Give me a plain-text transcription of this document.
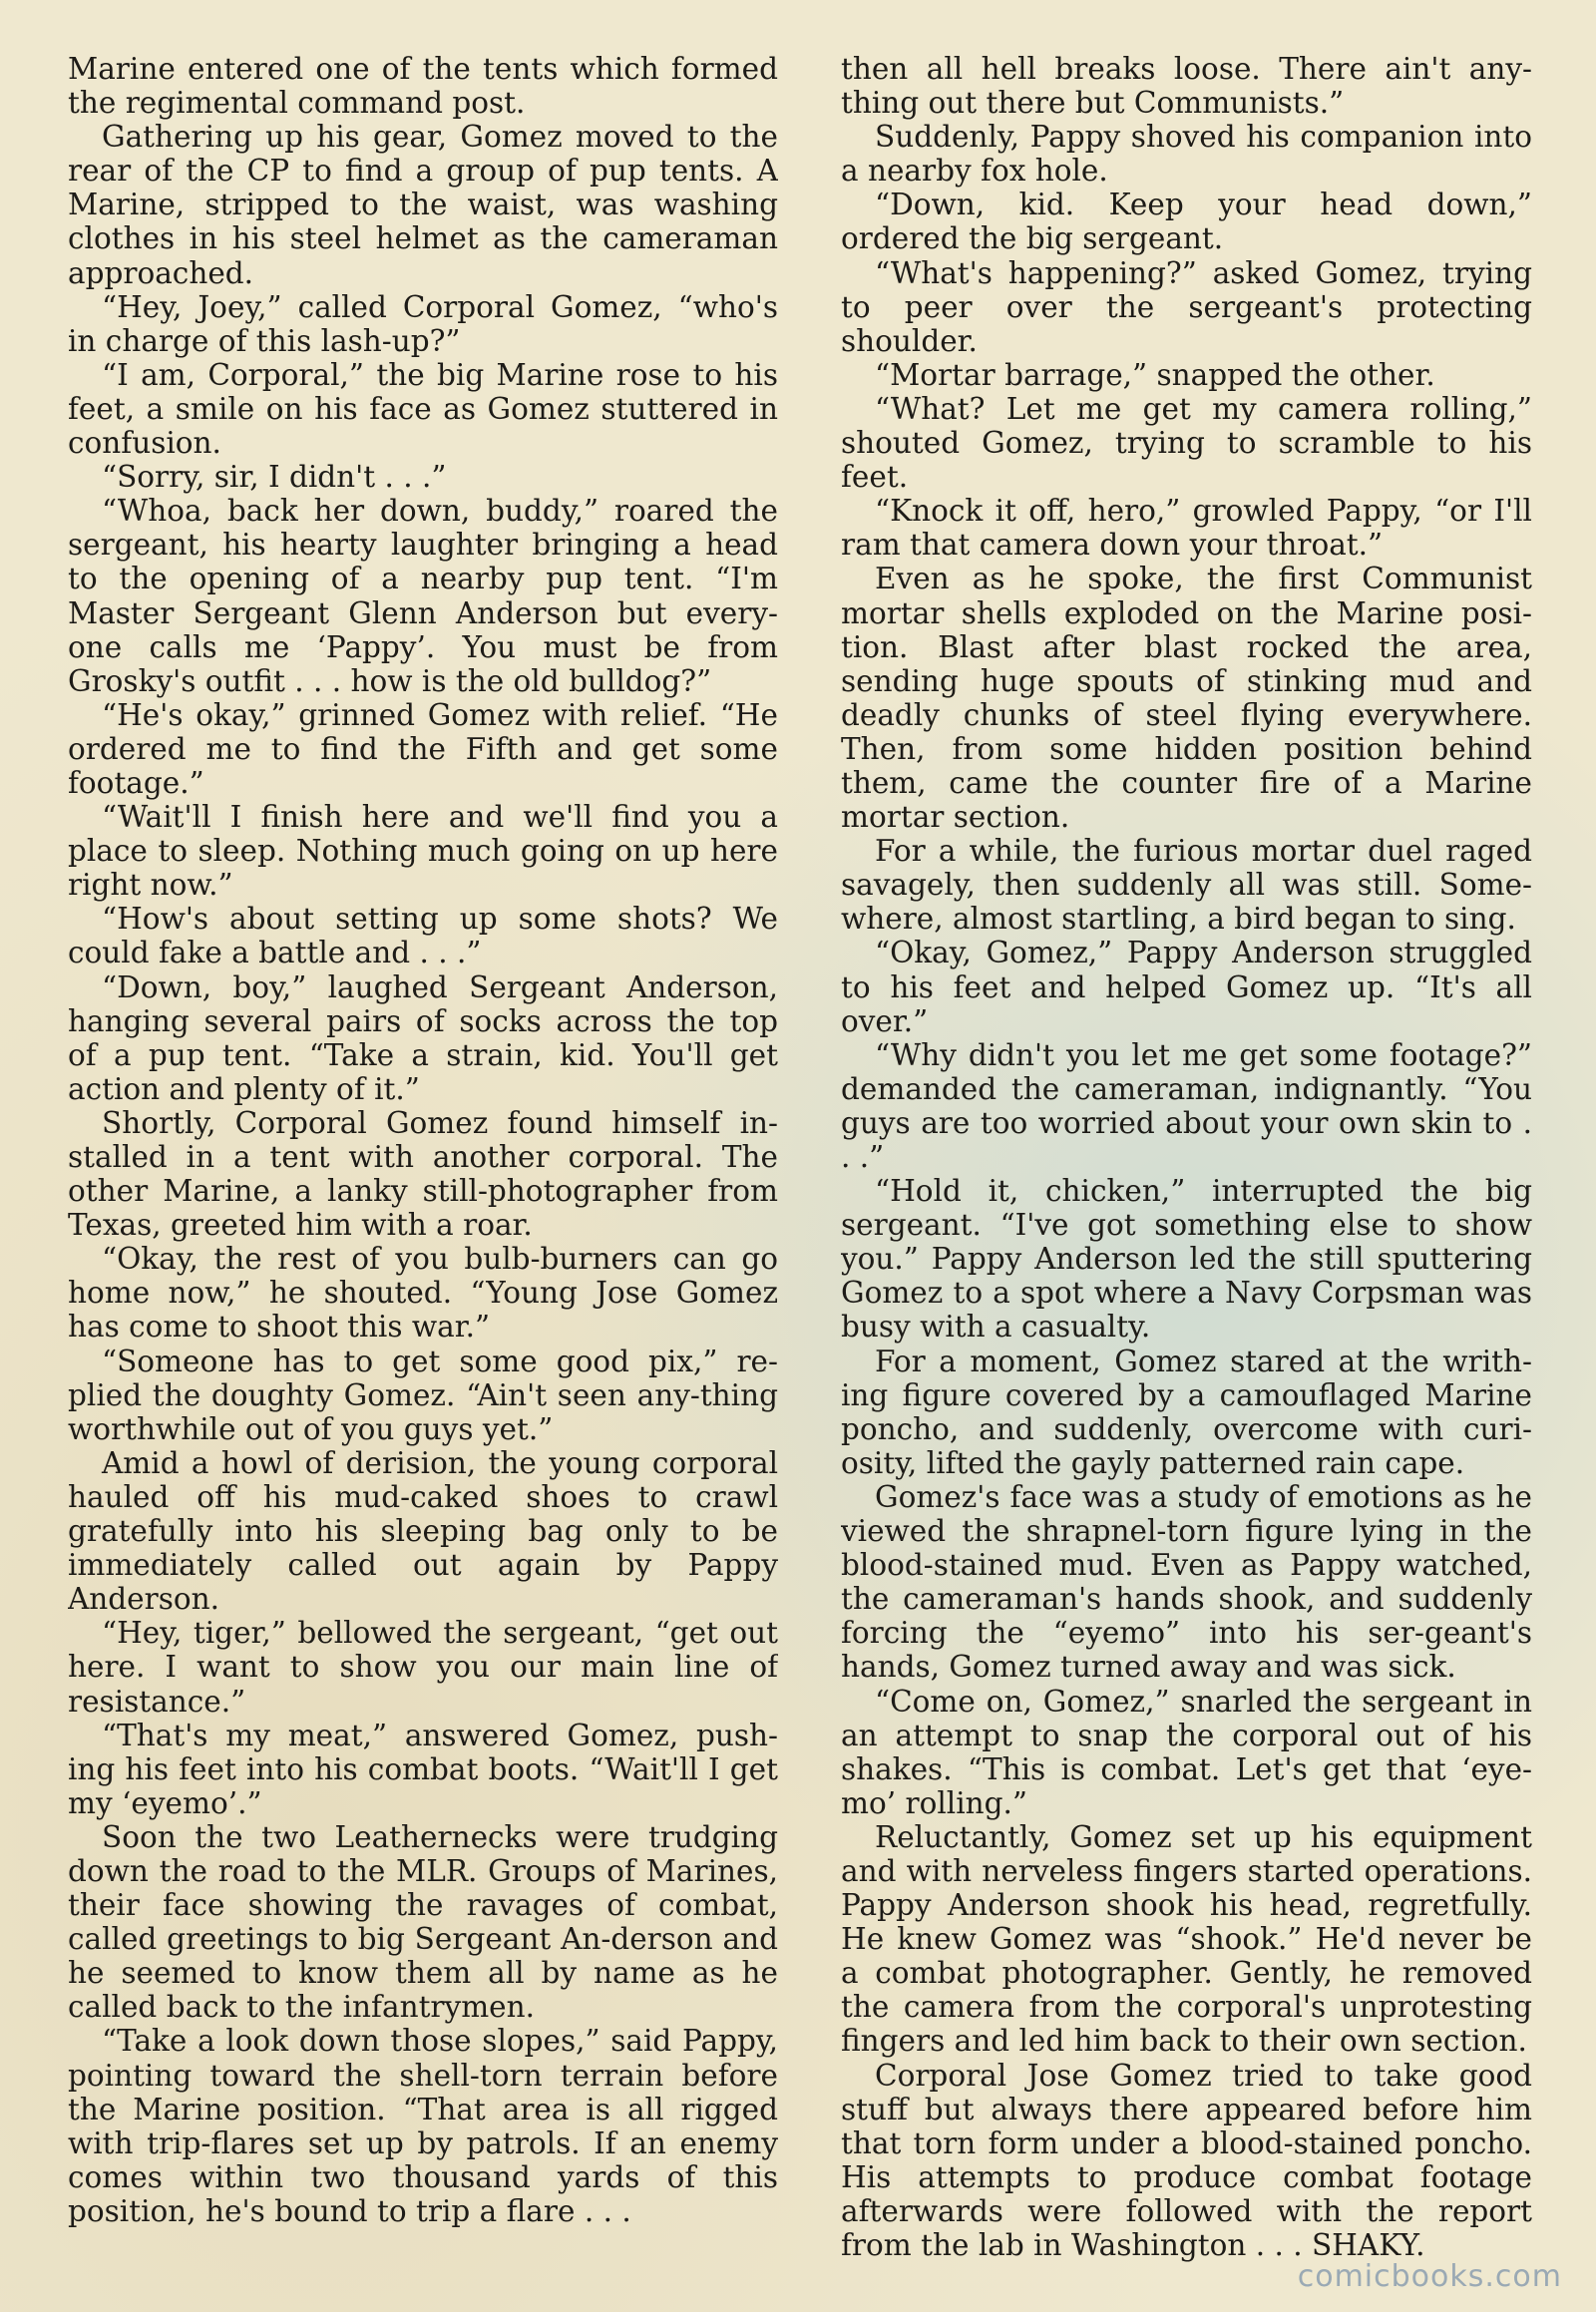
Marine entered one of the tents which formed the regimental command post.

Gathering up his gear, Gomez moved to the rear of the CP to find a group of pup tents. A Marine, stripped to the waist, was washing clothes in his steel helmet as the cameraman approached.

“Hey, Joey,” called Corporal Gomez, “who's in charge of this lash-up?”

“I am, Corporal,” the big Marine rose to his feet, a smile on his face as Gomez stuttered in confusion.

“Sorry, sir, I didn't . . .”

“Whoa, back her down, buddy,” roared the sergeant, his hearty laughter bringing a head to the opening of a nearby pup tent. “I'm Master Sergeant Glenn Anderson but every-one calls me ‘Pappy’. You must be from Grosky's outfit . . . how is the old bulldog?”

“He's okay,” grinned Gomez with relief. “He ordered me to find the Fifth and get some footage.”

“Wait'll I finish here and we'll find you a place to sleep. Nothing much going on up here right now.”

“How's about setting up some shots? We could fake a battle and . . .”

“Down, boy,” laughed Sergeant Anderson, hanging several pairs of socks across the top of a pup tent. “Take a strain, kid. You'll get action and plenty of it.”

Shortly, Corporal Gomez found himself in-stalled in a tent with another corporal. The other Marine, a lanky still-photographer from Texas, greeted him with a roar.

“Okay, the rest of you bulb-burners can go home now,” he shouted. “Young Jose Gomez has come to shoot this war.”

“Someone has to get some good pix,” re-plied the doughty Gomez. “Ain't seen any-thing worthwhile out of you guys yet.”

Amid a howl of derision, the young corporal hauled off his mud-caked shoes to crawl gratefully into his sleeping bag only to be immediately called out again by Pappy Anderson.

“Hey, tiger,” bellowed the sergeant, “get out here. I want to show you our main line of resistance.”

“That's my meat,” answered Gomez, push-ing his feet into his combat boots. “Wait'll I get my ‘eyemo’.”

Soon the two Leathernecks were trudging down the road to the MLR. Groups of Marines, their face showing the ravages of combat, called greetings to big Sergeant An-derson and he seemed to know them all by name as he called back to the infantrymen.

“Take a look down those slopes,” said Pappy, pointing toward the shell-torn terrain before the Marine position. “That area is all rigged with trip-flares set up by patrols. If an enemy comes within two thousand yards of this position, he's bound to trip a flare . . .

then all hell breaks loose. There ain't any-thing out there but Communists.”

Suddenly, Pappy shoved his companion into a nearby fox hole.

“Down, kid. Keep your head down,” ordered the big sergeant.

“What's happening?” asked Gomez, trying to peer over the sergeant's protecting shoulder.

“Mortar barrage,” snapped the other.

“What? Let me get my camera rolling,” shouted Gomez, trying to scramble to his feet.

“Knock it off, hero,” growled Pappy, “or I'll ram that camera down your throat.”

Even as he spoke, the first Communist mortar shells exploded on the Marine posi-tion. Blast after blast rocked the area, sending huge spouts of stinking mud and deadly chunks of steel flying everywhere. Then, from some hidden position behind them, came the counter fire of a Marine mortar section.

For a while, the furious mortar duel raged savagely, then suddenly all was still. Some-where, almost startling, a bird began to sing.

“Okay, Gomez,” Pappy Anderson struggled to his feet and helped Gomez up. “It's all over.”

“Why didn't you let me get some footage?” demanded the cameraman, indignantly. “You guys are too worried about your own skin to . . .”

“Hold it, chicken,” interrupted the big sergeant. “I've got something else to show you.” Pappy Anderson led the still sputtering Gomez to a spot where a Navy Corpsman was busy with a casualty.

For a moment, Gomez stared at the writh-ing figure covered by a camouflaged Marine poncho, and suddenly, overcome with curi-osity, lifted the gayly patterned rain cape.

Gomez's face was a study of emotions as he viewed the shrapnel-torn figure lying in the blood-stained mud. Even as Pappy watched, the cameraman's hands shook, and suddenly forcing the “eyemo” into his ser-geant's hands, Gomez turned away and was sick.

“Come on, Gomez,” snarled the sergeant in an attempt to snap the corporal out of his shakes. “This is combat. Let's get that ‘eye-mo’ rolling.”

Reluctantly, Gomez set up his equipment and with nerveless fingers started operations. Pappy Anderson shook his head, regretfully. He knew Gomez was “shook.” He'd never be a combat photographer. Gently, he removed the camera from the corporal's unprotesting fingers and led him back to their own section.

Corporal Jose Gomez tried to take good stuff but always there appeared before him that torn form under a blood-stained poncho. His attempts to produce combat footage afterwards were followed with the report from the lab in Washington . . . SHAKY.

comicbooks.com
